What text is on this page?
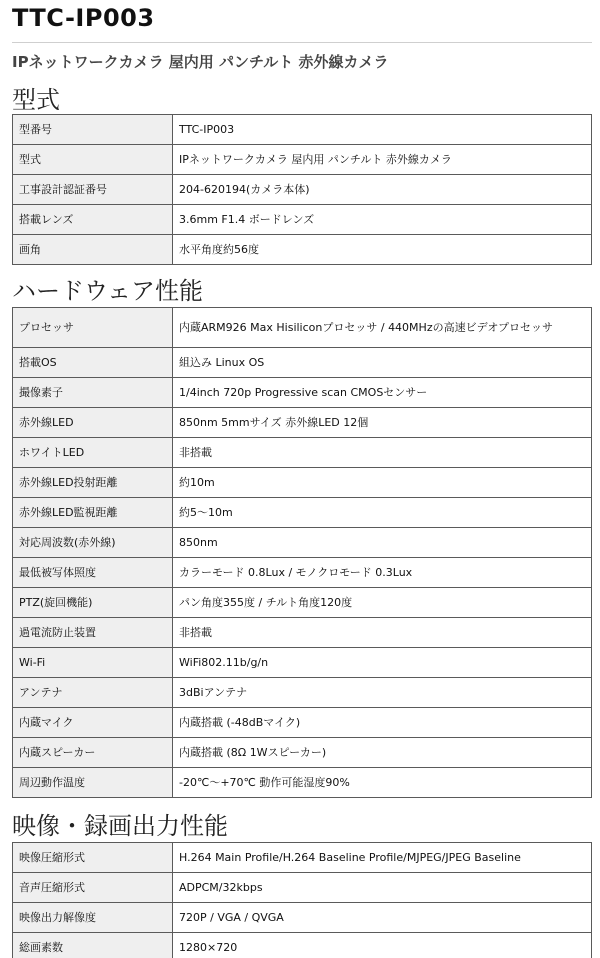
TTC-IP003
IPネットワークカメラ 屋内用 パンチルト 赤外線カメラ
型式
型番号	TTC-IP003
型式	IPネットワークカメラ 屋内用 パンチルト 赤外線カメラ
工事設計認証番号	204-620194(カメラ本体)
搭載レンズ	3.6mm F1.4 ボードレンズ
画角	水平角度約56度
ハードウェア性能
プロセッサ	内蔵ARM926 Max Hisiliconプロセッサ / 440MHzの高速ビデオプロセッサ
搭載OS	組込み Linux OS
撮像素子	1/4inch 720p Progressive scan CMOSセンサー
赤外線LED	850nm 5mmサイズ 赤外線LED 12個
ホワイトLED	非搭載
赤外線LED投射距離	約10m
赤外線LED監視距離	約5～10m
対応周波数(赤外線)	850nm
最低被写体照度	カラーモード 0.8Lux / モノクロモード 0.3Lux
PTZ(旋回機能)	パン角度355度 / チルト角度120度
過電流防止装置	非搭載
Wi-Fi	WiFi802.11b/g/n
アンテナ	3dBiアンテナ
内蔵マイク	内蔵搭載 (-48dBマイク)
内蔵スピーカー	内蔵搭載 (8Ω 1Wスピーカー)
周辺動作温度	-20℃～+70℃ 動作可能湿度90%
映像・録画出力性能
映像圧縮形式	H.264 Main Profile/H.264 Baseline Profile/MJPEG/JPEG Baseline
音声圧縮形式	ADPCM/32kbps
映像出力解像度	720P / VGA / QVGA
総画素数	1280×720
